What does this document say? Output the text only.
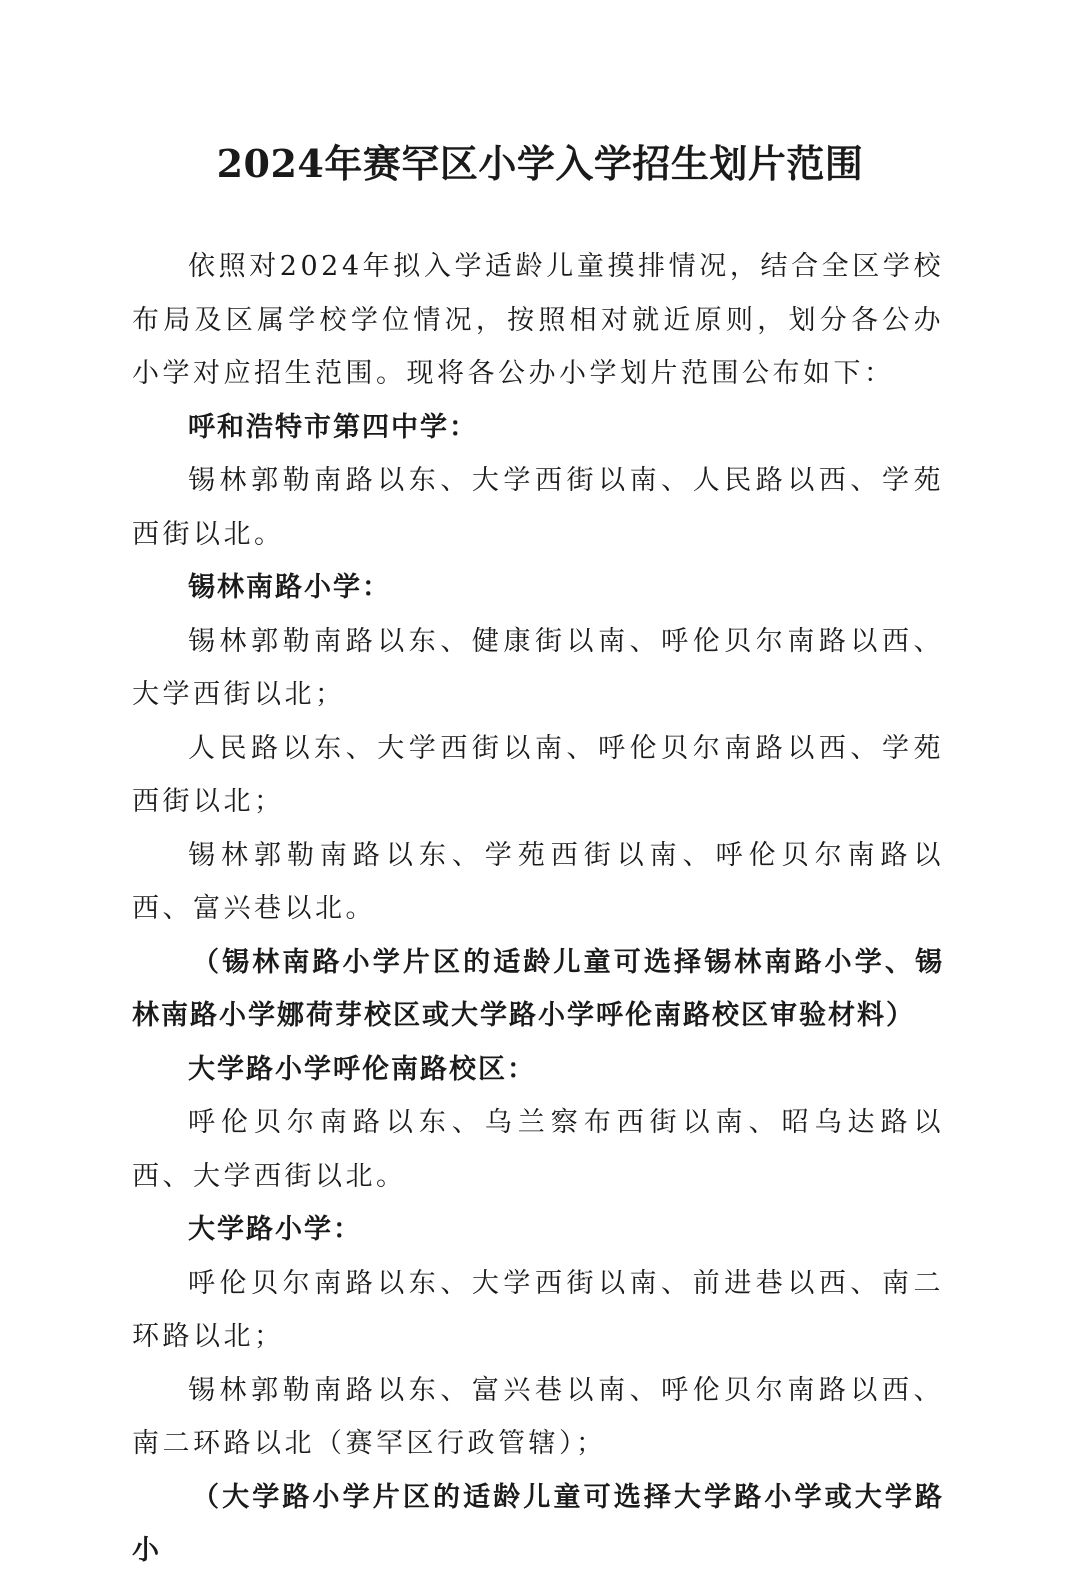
2024年赛罕区小学入学招生划片范围

依照对2024年拟入学适龄儿童摸排情况，结合全区学校布局及区属学校学位情况，按照相对就近原则，划分各公办小学对应招生范围。现将各公办小学划片范围公布如下：

呼和浩特市第四中学：

锡林郭勒南路以东、大学西街以南、人民路以西、学苑西街以北。

锡林南路小学：

锡林郭勒南路以东、健康街以南、呼伦贝尔南路以西、大学西街以北；

人民路以东、大学西街以南、呼伦贝尔南路以西、学苑西街以北；

锡林郭勒南路以东、学苑西街以南、呼伦贝尔南路以西、富兴巷以北。

（锡林南路小学片区的适龄儿童可选择锡林南路小学、锡林南路小学娜荷芽校区或大学路小学呼伦南路校区审验材料）

大学路小学呼伦南路校区：

呼伦贝尔南路以东、乌兰察布西街以南、昭乌达路以西、大学西街以北。

大学路小学：

呼伦贝尔南路以东、大学西街以南、前进巷以西、南二环路以北；

锡林郭勒南路以东、富兴巷以南、呼伦贝尔南路以西、南二环路以北（赛罕区行政管辖）；

（大学路小学片区的适龄儿童可选择大学路小学或大学路小
